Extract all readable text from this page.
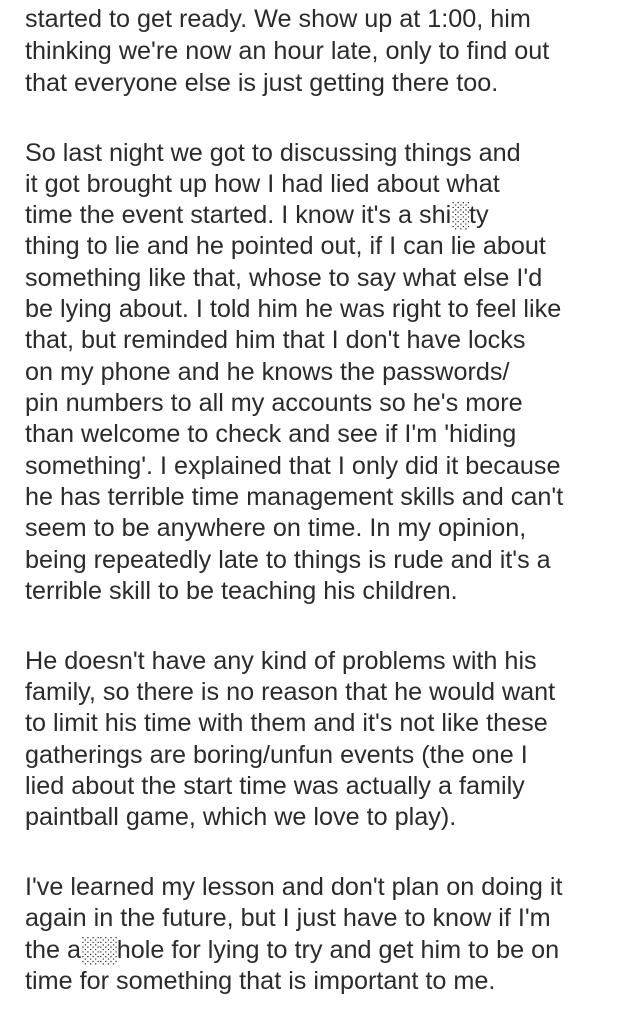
started to get ready. We show up at 1:00, him
thinking we're now an hour late, only to find out
that everyone else is just getting there too.
So last night we got to discussing things and
it got brought up how I had lied about what
time the event started. I know it's a shi░ty
thing to lie and he pointed out, if I can lie about
something like that, whose to say what else I'd
be lying about. I told him he was right to feel like
that, but reminded him that I don't have locks
on my phone and he knows the passwords/
pin numbers to all my accounts so he's more
than welcome to check and see if I'm 'hiding
something'. I explained that I only did it because
he has terrible time management skills and can't
seem to be anywhere on time. In my opinion,
being repeatedly late to things is rude and it's a
terrible skill to be teaching his children.
He doesn't have any kind of problems with his
family, so there is no reason that he would want
to limit his time with them and it's not like these
gatherings are boring/unfun events (the one I
lied about the start time was actually a family
paintball game, which we love to play).
I've learned my lesson and don't plan on doing it
again in the future, but I just have to know if I'm
the a░░hole for lying to try and get him to be on
time for something that is important to me.
